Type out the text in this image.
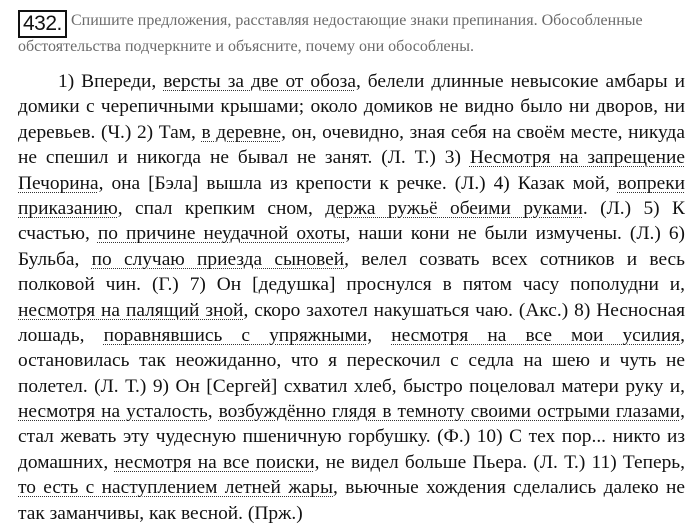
432. Спишите предложения, расставляя недостающие знаки препинания. Обособленные
обстоятельства подчеркните и объясните, почему они обособлены.
1) Впереди, версты за две от обоза, белели длинные невысокие амбары и
домики с черепичными крышами; около домиков не видно было ни дворов, ни
деревьев. (Ч.) 2) Там, в деревне, он, очевидно, зная себя на своём месте, никуда
не спешил и никогда не бывал не занят. (Л. Т.) 3) Несмотря на запрещение
Печорина, она [Бэла] вышла из крепости к речке. (Л.) 4) Казак мой, вопреки
приказанию, спал крепким сном, держа ружьё обеими руками. (Л.) 5) К
счастью, по причине неудачной охоты, наши кони не были измучены. (Л.) 6)
Бульба, по случаю приезда сыновей, велел созвать всех сотников и весь
полковой чин. (Г.) 7) Он [дедушка] проснулся в пятом часу пополудни и,
несмотря на палящий зной, скоро захотел накушаться чаю. (Акс.) 8) Несносная
лошадь, поравнявшись с упряжными, несмотря на все мои усилия,
остановилась так неожиданно, что я перескочил с седла на шею и чуть не
полетел. (Л. Т.) 9) Он [Сергей] схватил хлеб, быстро поцеловал матери руку и,
несмотря на усталость, возбуждённо глядя в темноту своими острыми глазами,
стал жевать эту чудесную пшеничную горбушку. (Ф.) 10) С тех пор... никто из
домашних, несмотря на все поиски, не видел больше Пьера. (Л. Т.) 11) Теперь,
то есть с наступлением летней жары, вьючные хождения сделались далеко не
так заманчивы, как весной. (Прж.)
